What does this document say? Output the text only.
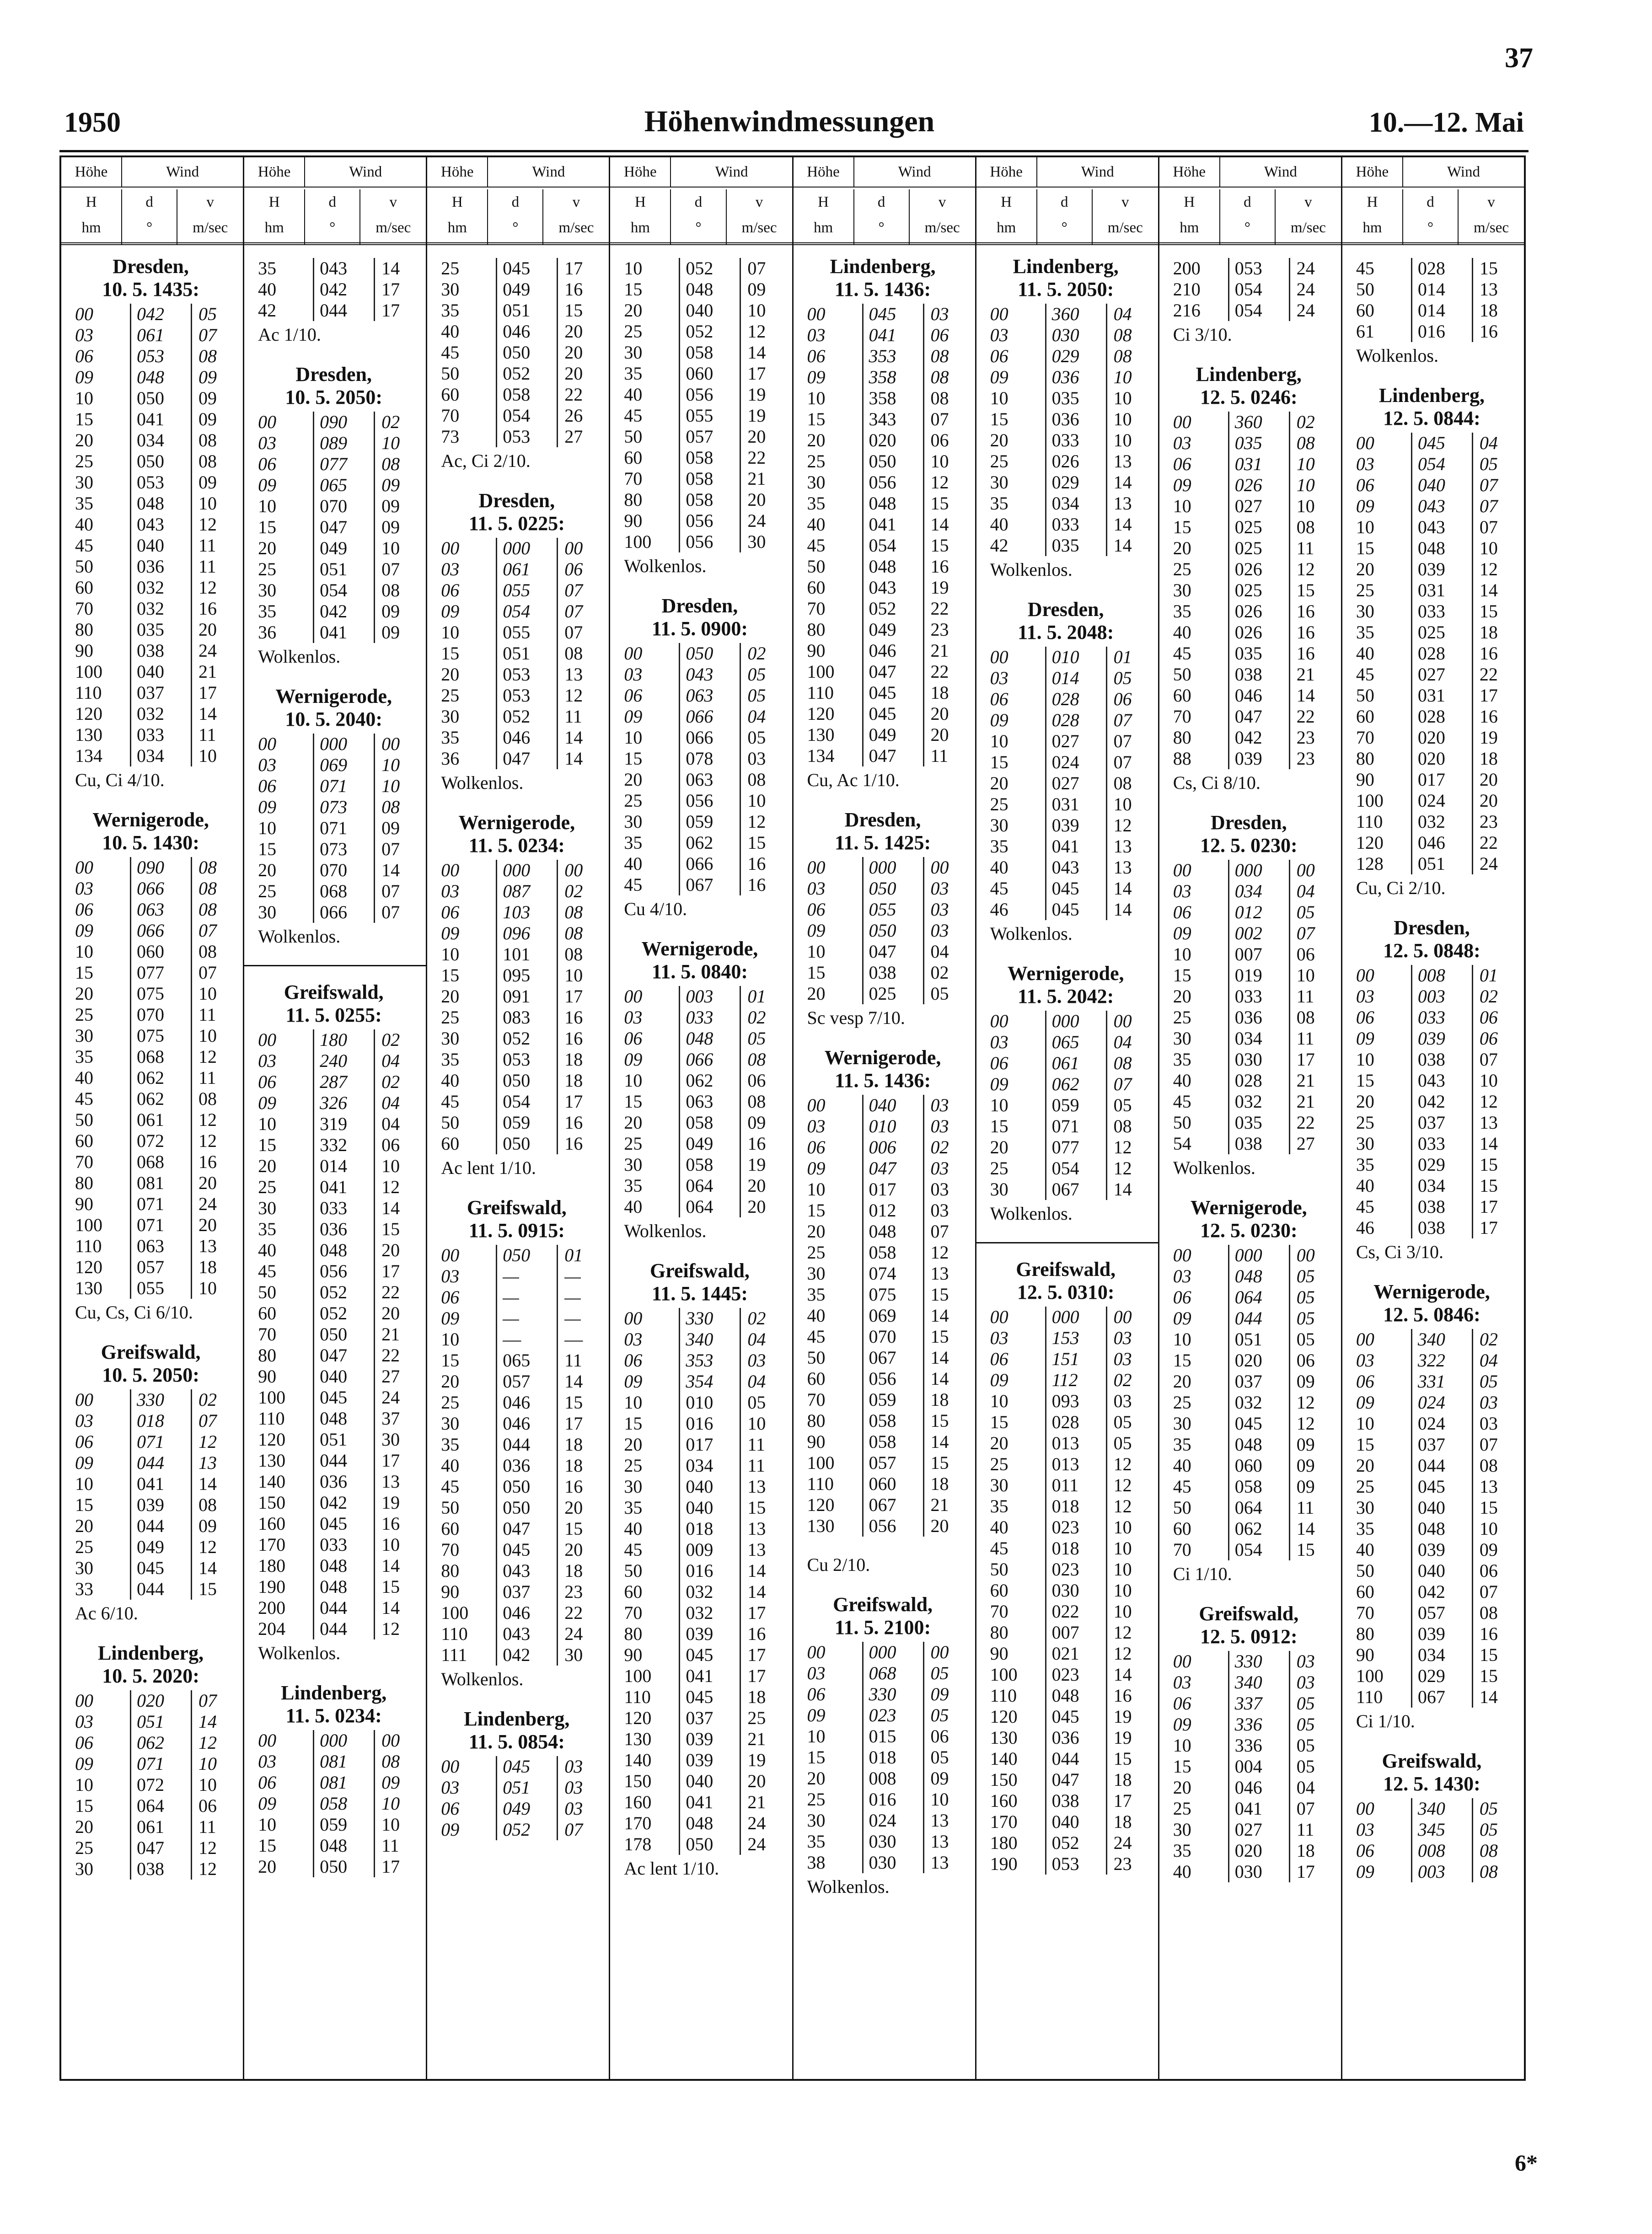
37
1950	Höhenwindmessungen	10.—12. Mai
Höhe	Wind
H
hm
d
°
v
m/sec
Dresden,
10. 5. 1435:
00	042	05
03	061	07
06	053	08
09	048	09
10	050	09
15	041	09
20	034	08
25	050	08
30	053	09
35	048	10
40	043	12
45	040	11
50	036	11
60	032	12
70	032	16
80	035	20
90	038	24
100	040	21
110	037	17
120	032	14
130	033	11
134	034	10
Cu, Ci 4/10.
Wernigerode,
10. 5. 1430:
00	090	08
03	066	08
06	063	08
09	066	07
10	060	08
15	077	07
20	075	10
25	070	11
30	075	10
35	068	12
40	062	11
45	062	08
50	061	12
60	072	12
70	068	16
80	081	20
90	071	24
100	071	20
110	063	13
120	057	18
130	055	10
Cu, Cs, Ci 6/10.
Greifswald,
10. 5. 2050:
00	330	02
03	018	07
06	071	12
09	044	13
10	041	14
15	039	08
20	044	09
25	049	12
30	045	14
33	044	15
Ac 6/10.
Lindenberg,
10. 5. 2020:
00	020	07
03	051	14
06	062	12
09	071	10
10	072	10
15	064	06
20	061	11
25	047	12
30	038	12
Höhe	Wind
H
hm
d
°
v
m/sec
35	043	14
40	042	17
42	044	17
Ac 1/10.
Dresden,
10. 5. 2050:
00	090	02
03	089	10
06	077	08
09	065	09
10	070	09
15	047	09
20	049	10
25	051	07
30	054	08
35	042	09
36	041	09
Wolkenlos.
Wernigerode,
10. 5. 2040:
00	000	00
03	069	10
06	071	10
09	073	08
10	071	09
15	073	07
20	070	14
25	068	07
30	066	07
Wolkenlos.
Greifswald,
11. 5. 0255:
00	180	02
03	240	04
06	287	02
09	326	04
10	319	04
15	332	06
20	014	10
25	041	12
30	033	14
35	036	15
40	048	20
45	056	17
50	052	22
60	052	20
70	050	21
80	047	22
90	040	27
100	045	24
110	048	37
120	051	30
130	044	17
140	036	13
150	042	19
160	045	16
170	033	10
180	048	14
190	048	15
200	044	14
204	044	12
Wolkenlos.
Lindenberg,
11. 5. 0234:
00	000	00
03	081	08
06	081	09
09	058	10
10	059	10
15	048	11
20	050	17
Höhe	Wind
H
hm
d
°
v
m/sec
25	045	17
30	049	16
35	051	15
40	046	20
45	050	20
50	052	20
60	058	22
70	054	26
73	053	27
Ac, Ci 2/10.
Dresden,
11. 5. 0225:
00	000	00
03	061	06
06	055	07
09	054	07
10	055	07
15	051	08
20	053	13
25	053	12
30	052	11
35	046	14
36	047	14
Wolkenlos.
Wernigerode,
11. 5. 0234:
00	000	00
03	087	02
06	103	08
09	096	08
10	101	08
15	095	10
20	091	17
25	083	16
30	052	16
35	053	18
40	050	18
45	054	17
50	059	16
60	050	16
Ac lent 1/10.
Greifswald,
11. 5. 0915:
00	050	01
03	—	—
06	—	—
09	—	—
10	—	—
15	065	11
20	057	14
25	046	15
30	046	17
35	044	18
40	036	18
45	050	16
50	050	20
60	047	15
70	045	20
80	043	18
90	037	23
100	046	22
110	043	24
111	042	30
Wolkenlos.
Lindenberg,
11. 5. 0854:
00	045	03
03	051	03
06	049	03
09	052	07
Höhe	Wind
H
hm
d
°
v
m/sec
10	052	07
15	048	09
20	040	10
25	052	12
30	058	14
35	060	17
40	056	19
45	055	19
50	057	20
60	058	22
70	058	21
80	058	20
90	056	24
100	056	30
Wolkenlos.
Dresden,
11. 5. 0900:
00	050	02
03	043	05
06	063	05
09	066	04
10	066	05
15	078	03
20	063	08
25	056	10
30	059	12
35	062	15
40	066	16
45	067	16
Cu 4/10.
Wernigerode,
11. 5. 0840:
00	003	01
03	033	02
06	048	05
09	066	08
10	062	06
15	063	08
20	058	09
25	049	16
30	058	19
35	064	20
40	064	20
Wolkenlos.
Greifswald,
11. 5. 1445:
00	330	02
03	340	04
06	353	03
09	354	04
10	010	05
15	016	10
20	017	11
25	034	11
30	040	13
35	040	15
40	018	13
45	009	13
50	016	14
60	032	14
70	032	17
80	039	16
90	045	17
100	041	17
110	045	18
120	037	25
130	039	21
140	039	19
150	040	20
160	041	21
170	048	24
178	050	24
Ac lent 1/10.
Höhe	Wind
H
hm
d
°
v
m/sec
Lindenberg,
11. 5. 1436:
00	045	03
03	041	06
06	353	08
09	358	08
10	358	08
15	343	07
20	020	06
25	050	10
30	056	12
35	048	15
40	041	14
45	054	15
50	048	16
60	043	19
70	052	22
80	049	23
90	046	21
100	047	22
110	045	18
120	045	20
130	049	20
134	047	11
Cu, Ac 1/10.
Dresden,
11. 5. 1425:
00	000	00
03	050	03
06	055	03
09	050	03
10	047	04
15	038	02
20	025	05
Sc vesp 7/10.
Wernigerode,
11. 5. 1436:
00	040	03
03	010	03
06	006	02
09	047	03
10	017	03
15	012	03
20	048	07
25	058	12
30	074	13
35	075	15
40	069	14
45	070	15
50	067	14
60	056	14
70	059	18
80	058	15
90	058	14
100	057	15
110	060	18
120	067	21
130	056	20
Cu 2/10.
Greifswald,
11. 5. 2100:
00	000	00
03	068	05
06	330	09
09	023	05
10	015	06
15	018	05
20	008	09
25	016	10
30	024	13
35	030	13
38	030	13
Wolkenlos.
Höhe	Wind
H
hm
d
°
v
m/sec
Lindenberg,
11. 5. 2050:
00	360	04
03	030	08
06	029	08
09	036	10
10	035	10
15	036	10
20	033	10
25	026	13
30	029	14
35	034	13
40	033	14
42	035	14
Wolkenlos.
Dresden,
11. 5. 2048:
00	010	01
03	014	05
06	028	06
09	028	07
10	027	07
15	024	07
20	027	08
25	031	10
30	039	12
35	041	13
40	043	13
45	045	14
46	045	14
Wolkenlos.
Wernigerode,
11. 5. 2042:
00	000	00
03	065	04
06	061	08
09	062	07
10	059	05
15	071	08
20	077	12
25	054	12
30	067	14
Wolkenlos.
Greifswald,
12. 5. 0310:
00	000	00
03	153	03
06	151	03
09	112	02
10	093	03
15	028	05
20	013	05
25	013	12
30	011	12
35	018	12
40	023	10
45	018	10
50	023	10
60	030	10
70	022	10
80	007	12
90	021	12
100	023	14
110	048	16
120	045	19
130	036	19
140	044	15
150	047	18
160	038	17
170	040	18
180	052	24
190	053	23
Höhe	Wind
H
hm
d
°
v
m/sec
200	053	24
210	054	24
216	054	24
Ci 3/10.
Lindenberg,
12. 5. 0246:
00	360	02
03	035	08
06	031	10
09	026	10
10	027	10
15	025	08
20	025	11
25	026	12
30	025	15
35	026	16
40	026	16
45	035	16
50	038	21
60	046	14
70	047	22
80	042	23
88	039	23
Cs, Ci 8/10.
Dresden,
12. 5. 0230:
00	000	00
03	034	04
06	012	05
09	002	07
10	007	06
15	019	10
20	033	11
25	036	08
30	034	11
35	030	17
40	028	21
45	032	21
50	035	22
54	038	27
Wolkenlos.
Wernigerode,
12. 5. 0230:
00	000	00
03	048	05
06	064	05
09	044	05
10	051	05
15	020	06
20	037	09
25	032	12
30	045	12
35	048	09
40	060	09
45	058	09
50	064	11
60	062	14
70	054	15
Ci 1/10.
Greifswald,
12. 5. 0912:
00	330	03
03	340	03
06	337	05
09	336	05
10	336	05
15	004	05
20	046	04
25	041	07
30	027	11
35	020	18
40	030	17
Höhe	Wind
H
hm
d
°
v
m/sec
45	028	15
50	014	13
60	014	18
61	016	16
Wolkenlos.
Lindenberg,
12. 5. 0844:
00	045	04
03	054	05
06	040	07
09	043	07
10	043	07
15	048	10
20	039	12
25	031	14
30	033	15
35	025	18
40	028	16
45	027	22
50	031	17
60	028	16
70	020	19
80	020	18
90	017	20
100	024	20
110	032	23
120	046	22
128	051	24
Cu, Ci 2/10.
Dresden,
12. 5. 0848:
00	008	01
03	003	02
06	033	06
09	039	06
10	038	07
15	043	10
20	042	12
25	037	13
30	033	14
35	029	15
40	034	15
45	038	17
46	038	17
Cs, Ci 3/10.
Wernigerode,
12. 5. 0846:
00	340	02
03	322	04
06	331	05
09	024	03
10	024	03
15	037	07
20	044	08
25	045	13
30	040	15
35	048	10
40	039	09
50	040	06
60	042	07
70	057	08
80	039	16
90	034	15
100	029	15
110	067	14
Ci 1/10.
Greifswald,
12. 5. 1430:
00	340	05
03	345	05
06	008	08
09	003	08
6*
